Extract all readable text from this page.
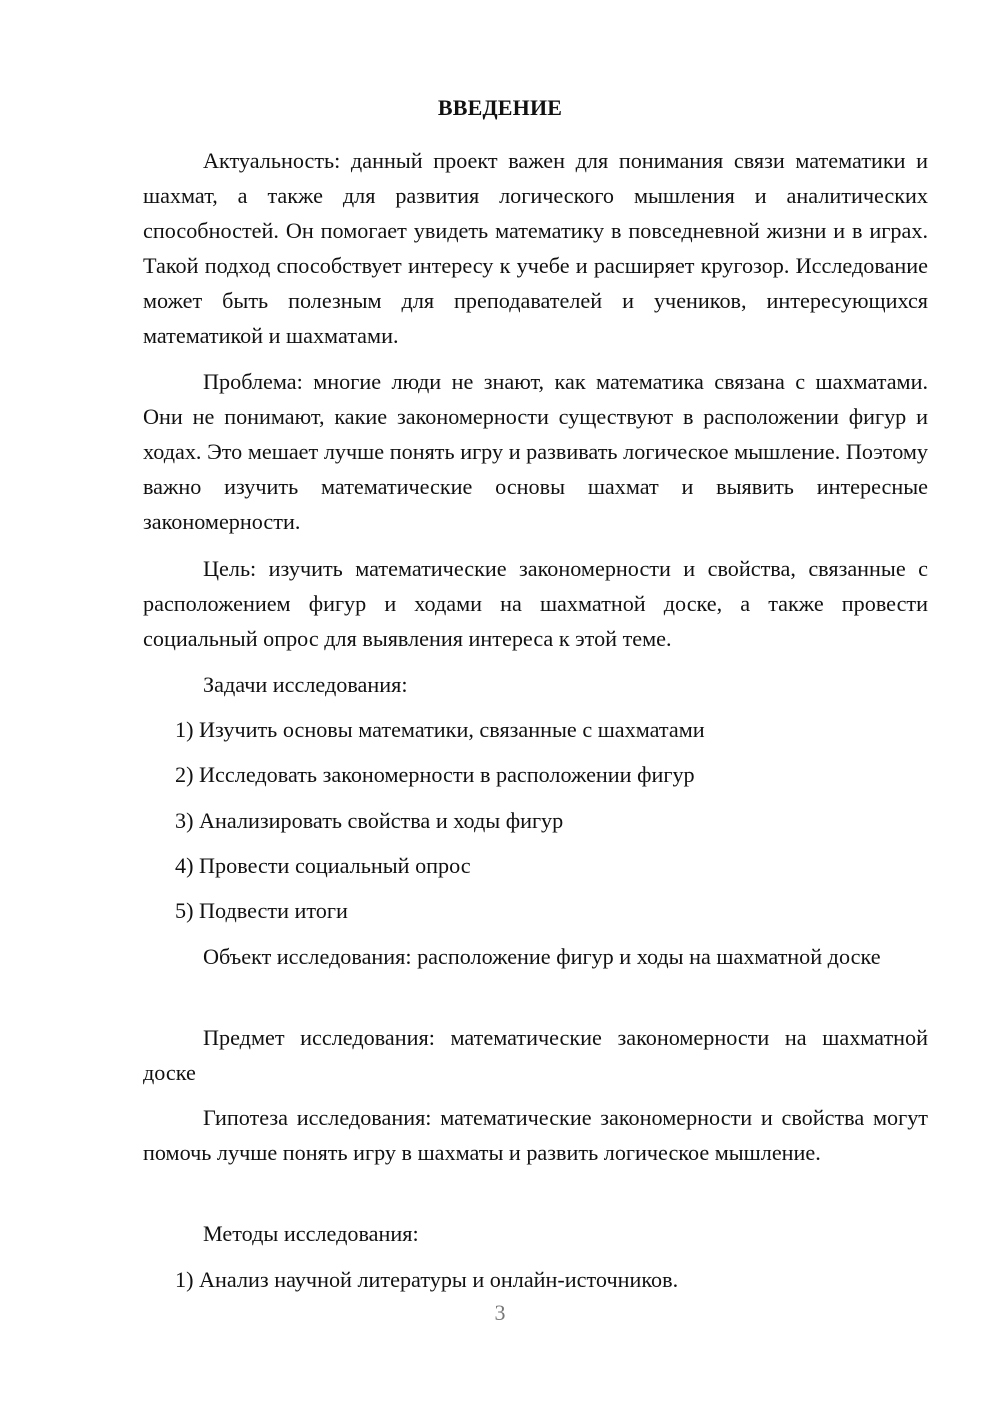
ВВЕДЕНИЕ

Актуальность: данный проект важен для понимания связи математики и шахмат, а также для развития логического мышления и аналитических способностей. Он помогает увидеть математику в повседневной жизни и в играх. Такой подход способствует интересу к учебе и расширяет кругозор. Исследование может быть полезным для преподавателей и учеников, интересующихся математикой и шахматами.

Проблема: многие люди не знают, как математика связана с шахматами. Они не понимают, какие закономерности существуют в расположении фигур и ходах. Это мешает лучше понять игру и развивать логическое мышление. Поэтому важно изучить математические основы шахмат и выявить интересные закономерности.

Цель: изучить математические закономерности и свойства, связанные с расположением фигур и ходами на шахматной доске, а также провести социальный опрос для выявления интереса к этой теме.

Задачи исследования:

1) Изучить основы математики, связанные с шахматами

2) Исследовать закономерности в расположении фигур

3) Анализировать свойства и ходы фигур

4) Провести социальный опрос

5) Подвести итоги

Объект исследования: расположение фигур и ходы на шахматной доске

Предмет исследования: математические закономерности на шахматной доске

Гипотеза исследования: математические закономерности и свойства могут помочь лучше понять игру в шахматы и развить логическое мышление.

Методы исследования:

1) Анализ научной литературы и онлайн-источников.

3
